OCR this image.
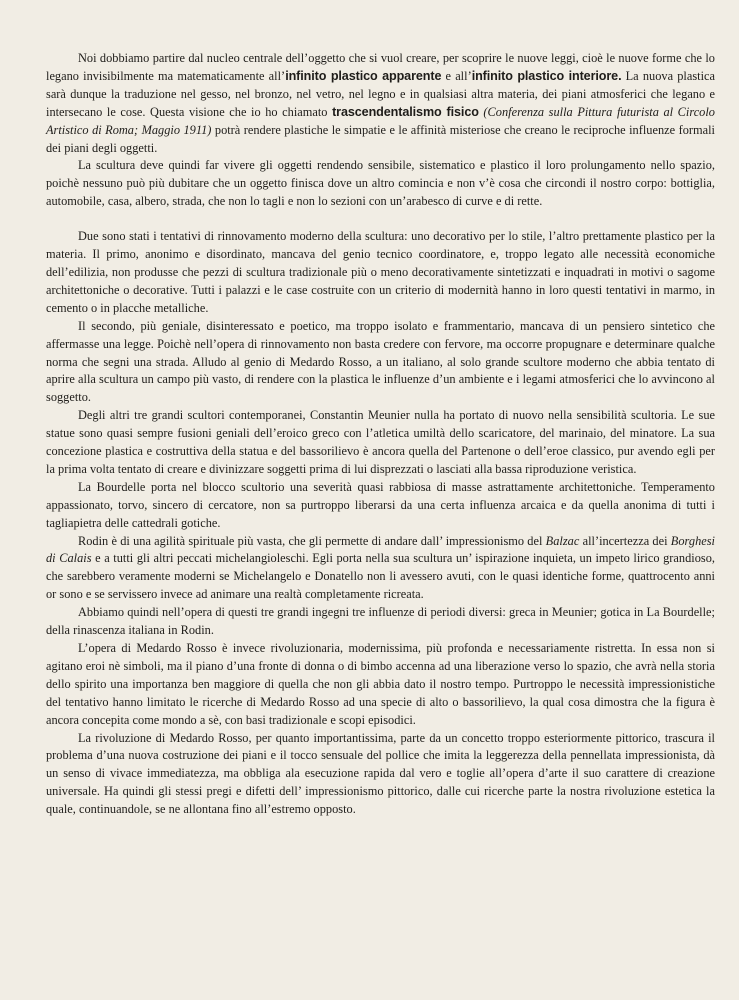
Noi dobbiamo partire dal nucleo centrale dell’oggetto che si vuol creare, per scoprire le nuove leggi, cioè le nuove forme che lo legano invisibilmente ma matematicamente all’infinito plastico apparente e all’infinito plastico interiore. La nuova plastica sarà dunque la traduzione nel gesso, nel bronzo, nel vetro, nel legno e in qualsiasi altra materia, dei piani atmosferici che legano e intersecano le cose. Questa visione che io ho chiamato trascendentalismo fisico (Conferenza sulla Pittura futurista al Circolo Artistico di Roma; Maggio 1911) potrà rendere plastiche le simpatie e le affinità misteriose che creano le reciproche influenze formali dei piani degli oggetti.

La scultura deve quindi far vivere gli oggetti rendendo sensibile, sistematico e plastico il loro prolungamento nello spazio, poichè nessuno può più dubitare che un oggetto finisca dove un altro comincia e non v’è cosa che circondi il nostro corpo: bottiglia, automobile, casa, albero, strada, che non lo tagli e non lo sezioni con un’arabesco di curve e di rette.

Due sono stati i tentativi di rinnovamento moderno della scultura: uno decorativo per lo stile, l’altro prettamente plastico per la materia. Il primo, anonimo e disordinato, mancava del genio tecnico coordinatore, e, troppo legato alle necessità economiche dell’edilizia, non produsse che pezzi di scultura tradizionale più o meno decorativamente sintetizzati e inquadrati in motivi o sagome architettoniche o decorative. Tutti i palazzi e le case costruite con un criterio di modernità hanno in loro questi tentativi in marmo, in cemento o in placche metalliche.

Il secondo, più geniale, disinteressato e poetico, ma troppo isolato e frammentario, mancava di un pensiero sintetico che affermasse una legge. Poichè nell’opera di rinnovamento non basta credere con fervore, ma occorre propugnare e determinare qualche norma che segni una strada. Alludo al genio di Medardo Rosso, a un italiano, al solo grande scultore moderno che abbia tentato di aprire alla scultura un campo più vasto, di rendere con la plastica le influenze d’un ambiente e i legami atmosferici che lo avvincono al soggetto.

Degli altri tre grandi scultori contemporanei, Constantin Meunier nulla ha portato di nuovo nella sensibilità scultoria. Le sue statue sono quasi sempre fusioni geniali dell’eroico greco con l’atletica umiltà dello scaricatore, del marinaio, del minatore. La sua concezione plastica e costruttiva della statua e del bassorilievo è ancora quella del Partenone o dell’eroe classico, pur avendo egli per la prima volta tentato di creare e divinizzare soggetti prima di lui disprezzati o lasciati alla bassa riproduzione veristica.

La Bourdelle porta nel blocco scultorio una severità quasi rabbiosa di masse astrattamente architettoniche. Temperamento appassionato, torvo, sincero di cercatore, non sa purtroppo liberarsi da una certa influenza arcaica e da quella anonima di tutti i tagliapietra delle cattedrali gotiche.

Rodin è di una agilità spirituale più vasta, che gli permette di andare dall’ impressionismo del Balzac all’incertezza dei Borghesi di Calais e a tutti gli altri peccati michelangioleschi. Egli porta nella sua scultura un’ ispirazione inquieta, un impeto lirico grandioso, che sarebbero veramente moderni se Michelangelo e Donatello non li avessero avuti, con le quasi identiche forme, quattrocento anni or sono e se servissero invece ad animare una realtà completamente ricreata.

Abbiamo quindi nell’opera di questi tre grandi ingegni tre influenze di periodi diversi: greca in Meunier; gotica in La Bourdelle; della rinascenza italiana in Rodin.

L’opera di Medardo Rosso è invece rivoluzionaria, modernissima, più profonda e necessariamente ristretta. In essa non si agitano eroi nè simboli, ma il piano d’una fronte di donna o di bimbo accenna ad una liberazione verso lo spazio, che avrà nella storia dello spirito una importanza ben maggiore di quella che non gli abbia dato il nostro tempo. Purtroppo le necessità impressionistiche del tentativo hanno limitato le ricerche di Medardo Rosso ad una specie di alto o bassorilievo, la qual cosa dimostra che la figura è ancora concepita come mondo a sè, con basi tradizionale e scopi episodici.

La rivoluzione di Medardo Rosso, per quanto importantissima, parte da un concetto troppo esteriormente pittorico, trascura il problema d’una nuova costruzione dei piani e il tocco sensuale del pollice che imita la leggerezza della pennellata impressionista, dà un senso di vivace immediatezza, ma obbliga ala esecuzione rapida dal vero e toglie all’opera d’arte il suo carattere di creazione universale. Ha quindi gli stessi pregi e difetti dell’ impressionismo pittorico, dalle cui ricerche parte la nostra rivoluzione estetica la quale, continuandole, se ne allontana fino all’estremo opposto.
